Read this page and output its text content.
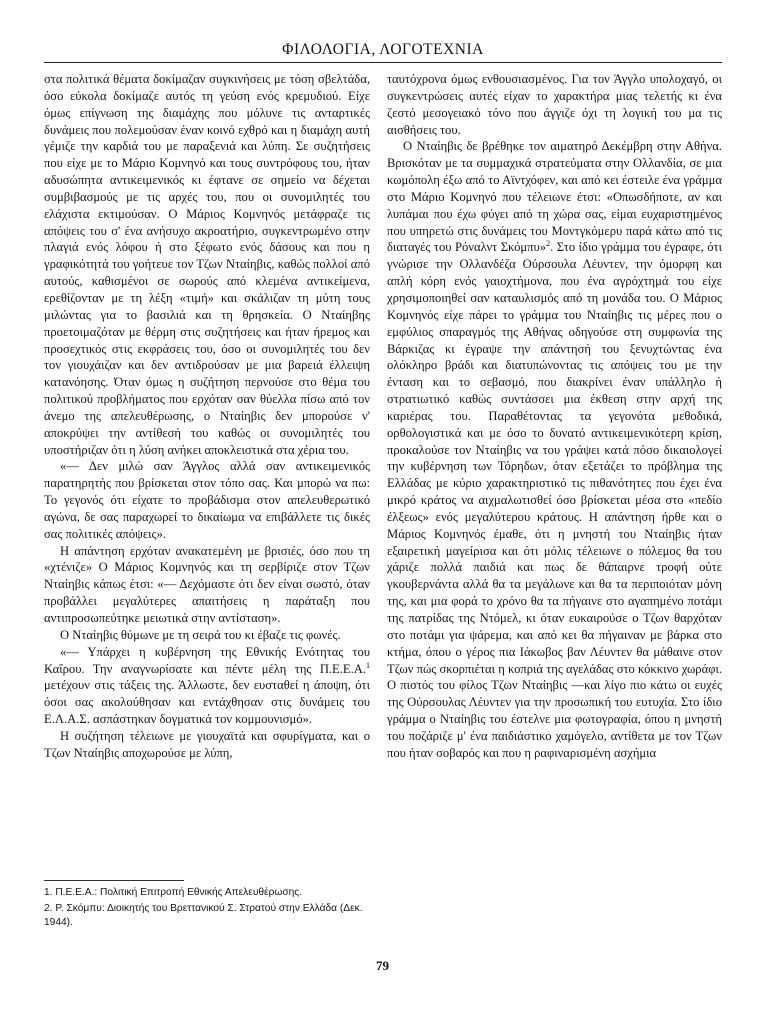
ΦΙΛΟΛΟΓΙΑ, ΛΟΓΟΤΕΧΝΙΑ

στα πολιτικά θέματα δοκίμαζαν συγκινήσεις με τόση σβελτάδα, όσο εύκολα δοκίμαζε αυτός τη γεύση ενός κρεμυδιού. Είχε όμως επίγνωση της διαμάχης που μόλυνε τις ανταρτικές δυνάμεις που πολεμούσαν έναν κοινό εχθρό και η διαμάχη αυτή γέμιζε την καρδιά του με παραξενιά και λύπη. Σε συζητήσεις που είχε με το Μάριο Κομνηνό και τους συντρόφους του, ήταν αδυσώπητα αντικειμενικός κι έφτανε σε σημείο να δέχεται συμβιβασμούς με τις αρχές του, που οι συνομιλητές του ελάχιστα εκτιμούσαν. Ο Μάριος Κομνηνός μετάφραζε τις απόψεις του σ' ένα ανήσυχο ακροατήριο, συγκεντρωμένο στην πλαγιά ενός λόφου ή στο ξέφωτο ενός δάσους και που η γραφικότητά του γοήτευε τον Τζων Νταίηβις, καθώς πολλοί από αυτούς, καθισμένοι σε σωρούς από κλεμένα αντικείμενα, ερεθίζονταν με τη λέξη «τιμή» και σκάλιζαν τη μύτη τους μιλώντας για το βασιλιά και τη θρησκεία. Ο Νταίηβης προετοιμαζόταν με θέρμη στις συζητήσεις και ήταν ήρεμος και προσεχτικός στις εκφράσεις του, όσο οι συνομιλητές του δεν τον γιουχάιζαν και δεν αντιδρούσαν με μια βαρειά έλλειψη κατανόησης. Όταν όμως η συζήτηση περνούσε στο θέμα του πολιτικού προβλήματος που ερχόταν σαν θύελλα πίσω από τον άνεμο της απελευθέρωσης, ο Νταίηβις δεν μπορούσε ν' αποκρύψει την αντίθεσή του καθώς οι συνομιλητές του υποστήριζαν ότι η λύση ανήκει αποκλειστικά στα χέρια του.

«— Δεν μιλώ σαν Άγγλος αλλά σαν αντικειμενικός παρατηρητής που βρίσκεται στον τόπο σας. Και μπορώ να πω: Το γεγονός ότι είχατε το προβάδισμα στον απελευθερωτικό αγώνα, δε σας παραχωρεί το δικαίωμα να επιβάλλετε τις δικές σας πολιτικές απόψεις».

Η απάντηση ερχόταν ανακατεμένη με βρισιές, όσο που τη «χτένιζε» Ο Μάριος Κομνηνός και τη σερβίριζε στον Τζων Νταίηβις κάπως έτσι: «— Δεχόμαστε ότι δεν είναι σωστό, όταν προβάλλει μεγαλύτερες απαιτήσεις η παράταξη που αντιπροσωπεύτηκε μειωτικά στην αντίσταση».

Ο Νταίηβις θύμωνε με τη σειρά του κι έβαζε τις φωνές.

«— Υπάρχει η κυβέρνηση της Εθνικής Ενότητας του Καΐρου. Την αναγνωρίσατε και πέντε μέλη της Π.Ε.Ε.Α.$^1$ μετέχουν στις τάξεις της. Άλλωστε, δεν ευσταθεί η άποψη, ότι όσοι σας ακολούθησαν και εντάχθησαν στις δυνάμεις του Ε.Λ.Α.Σ. ασπάστηκαν δογματικά τον κομμουνισμό».

Η συζήτηση τέλειωνε με γιουχαϊτά και σφυρίγματα, και ο Τζων Νταίηβις αποχωρούσε με λύπη,

ταυτόχρονα όμως ενθουσιασμένος. Για τον Άγγλο υπολοχαγό, οι συγκεντρώσεις αυτές είχαν το χαρακτήρα μιας τελετής κι ένα ζεστό μεσογειακό τόνο που άγγιζε όχι τη λογική του μα τις αισθήσεις του.

Ο Νταίηβις δε βρέθηκε τον αιματηρό Δεκέμβρη στην Αθήνα. Βρισκόταν με τα συμμαχικά στρατεύματα στην Ολλανδία, σε μια κωμόπολη έξω από το Αϊντχόφεν, και από κει έστειλε ένα γράμμα στο Μάριο Κομνηνό που τέλειωνε έτσι: «Οπωσδήποτε, αν και λυπάμαι που έχω φύγει από τη χώρα σας, είμαι ευχαριστημένος που υπηρετώ στις δυνάμεις του Μοντγκόμερυ παρά κάτω από τις διαταγές του Ρόναλντ Σκόμπυ»$^2$. Στο ίδιο γράμμα του έγραφε, ότι γνώρισε την Ολλανδέζα Ούρσουλα Λέυντεν, την όμορφη και απλή κόρη ενός γαιοχτήμονα, που ένα αγρόχτημά του είχε χρησιμοποιηθεί σαν καταυλισμός από τη μονάδα του. Ο Μάριος Κομνηνός είχε πάρει το γράμμα του Νταίηβις τις μέρες που ο εμφύλιος σπαραγμός της Αθήνας οδηγούσε στη συμφωνία της Βάρκιζας κι έγραψε την απάντησή του ξενυχτώντας ένα ολόκληρο βράδι και διατυπώνοντας τις απόψεις του με την ένταση και το σεβασμό, που διακρίνει έναν υπάλληλο ή στρατιωτικό καθώς συντάσσει μια έκθεση στην αρχή της καριέρας του. Παραθέτοντας τα γεγονότα μεθοδικά, ορθολογιστικά και με όσο το δυνατό αντικειμενικότερη κρίση, προκαλούσε τον Νταίηβις να του γράψει κατά πόσο δικαιολογεί την κυβέρνηση των Τόρηδων, όταν εξετάζει το πρόβλημα της Ελλάδας με κύριο χαρακτηριστικό τις πιθανότητες που έχει ένα μικρό κράτος να αιχμαλωτισθεί όσο βρίσκεται μέσα στο «πεδίο έλξεως» ενός μεγαλύτερου κράτους. Η απάντηση ήρθε και ο Μάριος Κομνηνός έμαθε, ότι η μνηστή του Νταίηβις ήταν εξαιρετική μαγείρισα και ότι μόλις τέλειωνε ο πόλεμος θα του χάριζε πολλά παιδιά και πως δε θάπαιρνε τροφή ούτε γκουβερνάντα αλλά θα τα μεγάλωνε και θα τα περιποιόταν μόνη της, και μια φορά το χρόνο θα τα πήγαινε στο αγαπημένο ποτάμι της πατρίδας της Ντόμελ, κι όταν ευκαιρούσε ο Τζων θαρχόταν στο ποτάμι για ψάρεμα, και από κει θα πήγαιναν με βάρκα στο κτήμα, όπου ο γέρος πια Ιάκωβος βαν Λέυντεν θα μάθαινε στον Τζων πώς σκορπιέται η κοπριά της αγελάδας στο κόκκινο χωράφι. Ο πιστός του φίλος Τζων Νταίηβις —και λίγο πιο κάτω οι ευχές της Ούρσουλας Λέυντεν για την προσωπική του ευτυχία. Στο ίδιο γράμμα ο Νταίηβις του έστελνε μια φωτογραφία, όπου η μνηστή του ποζάριζε μ' ένα παιδιάστικο χαμόγελο, αντίθετα με τον Τζων που ήταν σοβαρός και που η ραφιναρισμένη ασχήμια

1. Π.Ε.Ε.Α.: Πολιτική Επιτροπή Εθνικής Απελευθέρωσης.
2. Ρ. Σκόμπυ: Διοικητής του Βρεττανικού Σ. Στρατού στην Ελλάδα (Δεκ. 1944).
79
